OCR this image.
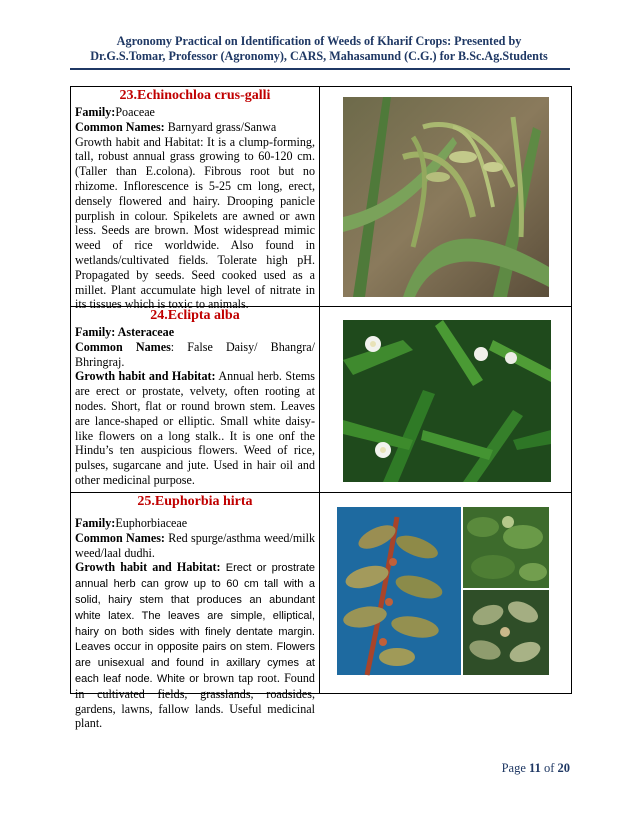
Agronomy Practical on Identification of Weeds of Kharif Crops: Presented by
Dr.G.S.Tomar, Professor (Agronomy), CARS, Mahasamund (C.G.) for B.Sc.Ag.Students
23.Echinochloa crus-galli
Family:Poaceae
Common Names: Barnyard grass/Sanwa
Growth habit and Habitat: It is a clump-forming, tall, robust annual grass growing to 60-120 cm. (Taller than E.colona). Fibrous root but no rhizome. Inflorescence is 5-25 cm long, erect, densely flowered and hairy. Drooping panicle purplish in colour. Spikelets are awned or awn less. Seeds are brown. Most widespread mimic weed of rice worldwide. Also found in wetlands/cultivated fields. Tolerate high pH. Propagated by seeds. Seed cooked used as a millet. Plant accumulate high level of nitrate in its tissues which is toxic to animals.
24.Eclipta alba
Family: Asteraceae
Common Names: False Daisy/ Bhangra/ Bhringraj.
Growth habit and Habitat: Annual herb. Stems are erect or prostate, velvety, often rooting at nodes. Short, flat or round brown stem. Leaves are lance-shaped or elliptic. Small white daisy-like flowers on a long stalk.. It is one onf the Hindu’s ten auspicious flowers. Weed of rice, pulses, sugarcane and jute. Used in hair oil and other medicinal purpose.
25.Euphorbia hirta
Family:Euphorbiaceae
Common Names: Red spurge/asthma weed/milk weed/laal dudhi.
Growth habit and Habitat: Erect or prostrate annual herb can grow up to 60 cm tall with a solid, hairy stem that produces an abundant white latex. The leaves are simple, elliptical, hairy on both sides with finely dentate margin. Leaves occur in opposite pairs on stem. Flowers are unisexual and found in axillary cymes at each leaf node. White or brown tap root. Found in cultivated fields, grasslands, roadsides, gardens, lawns, fallow lands. Useful medicinal plant.
Page 11 of 20
